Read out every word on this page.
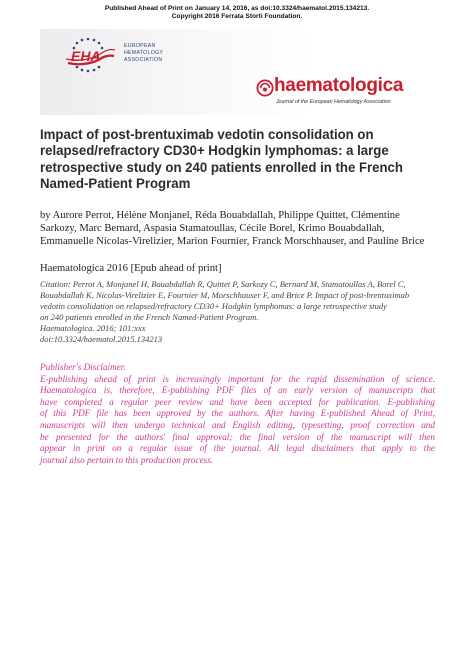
Published Ahead of Print on January 14, 2016, as doi:10.3324/haematol.2015.134213.
Copyright 2016 Ferrata Storti Foundation.
EHA
EUROPEAN
HEMATOLOGY
ASSOCIATION
haematologica
Journal of the European Hematology Association
Impact of post-brentuximab vedotin consolidation on relapsed/refractory CD30+ Hodgkin lymphomas: a large retrospective study on 240 patients enrolled in the French Named-Patient Program
by Aurore Perrot, Hélène Monjanel, Réda Bouabdallah, Philippe Quittet, Clémentine Sarkozy, Marc Bernard, Aspasia Stamatoullas, Cécile Borel, Krimo Bouabdallah, Emmanuelle Nicolas-Virelizier, Marion Fournier, Franck Morschhauser, and Pauline Brice
Haematologica 2016 [Epub ahead of print]
Citation: Perrot A, Monjanel H, Bouabdallah R, Quittet P, Sarkozy C, Bernard M, Stamatoullas A, Borel C,
Bouabdallah K, Nicolas-Virelizier E, Fournier M, Morschhauser F, and Brice P. Impact of post-brentuximab
vedotin consolidation on relapsed/refractory CD30+ Hodgkin lymphomas: a large retrospective study
on 240 patients enrolled in the French Named-Patient Program.
Haematologica. 2016; 101:xxx
doi:10.3324/haematol.2015.134213
Publisher's Disclaimer.
E-publishing ahead of print is increasingly important for the rapid dissemination of science.
Haematologica is, therefore, E-publishing PDF files of an early version of manuscripts that
have completed a regular peer review and have been accepted for publication. E-publishing
of this PDF file has been approved by the authors. After having E-published Ahead of Print,
manuscripts will then undergo technical and English editing, typesetting, proof correction and
be presented for the authors' final approval; the final version of the manuscript will then
appear in print on a regular issue of the journal. All legal disclaimers that apply to the
journal also pertain to this production process.
